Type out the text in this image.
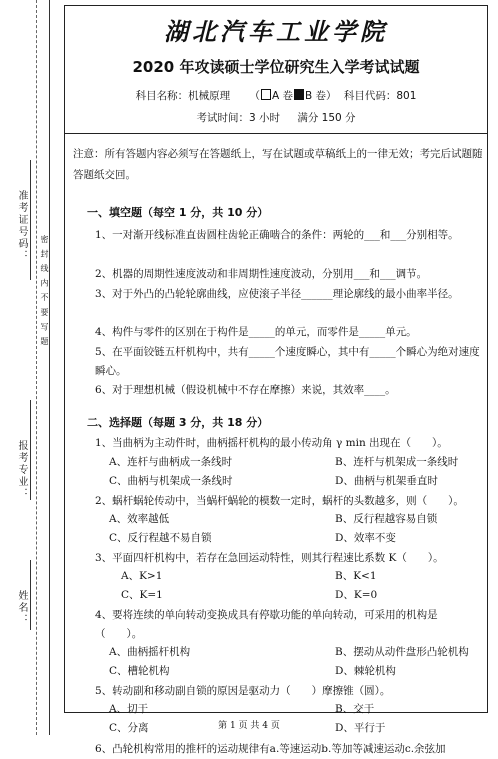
准考证号码：
密 封 线 内 不 要 写 题
报考专业：
姓名：
湖北汽车工业学院
2020 年攻读硕士学位研究生入学考试试题
科目名称：机械原理 （ A 卷 B 卷） 科目代码：801
考试时间：3 小时 满分 150 分
注意：所有答题内容必须写在答题纸上，写在试题或草稿纸上的一律无效；考完后试题随答题纸交回。
一、填空题（每空 1 分，共 10 分）
1、一对渐开线标准直齿圆柱齿轮正确啮合的条件：两轮的___和___分别相等。
2、机器的周期性速度波动和非周期性速度波动，分别用___和___调节。
3、对于外凸的凸轮轮廓曲线，应使滚子半径______理论廓线的最小曲率半径。
4、构件与零件的区别在于构件是_____的单元，而零件是_____单元。
5、在平面铰链五杆机构中，共有_____个速度瞬心，其中有_____个瞬心为绝对速度瞬心。
6、对于理想机械（假设机械中不存在摩擦）来说，其效率____。
二、选择题（每题 3 分，共 18 分）
1、当曲柄为主动件时，曲柄摇杆机构的最小传动角 γ min 出现在（　　）。
A、连杆与曲柄成一条线时	B、连杆与机架成一条线时
C、曲柄与机架成一条线时	D、曲柄与机架垂直时
2、蜗杆蜗轮传动中，当蜗杆蜗轮的模数一定时，蜗杆的头数越多，则（　　）。
A、效率越低	B、反行程越容易自锁
C、反行程越不易自锁	D、效率不变
3、平面四杆机构中，若存在急回运动特性，则其行程速比系数 K（　　）。
A、K>1	B、K<1
C、K=1	D、K=0
4、要将连续的单向转动变换成具有停歇功能的单向转动，可采用的机构是（　　）。
A、曲柄摇杆机构	B、摆动从动件盘形凸轮机构
C、槽轮机构	D、棘轮机构
5、转动副和移动副自锁的原因是驱动力（　　）摩擦锥（圆）。
A、切于	B、交于
C、分离	D、平行于
6、凸轮机构常用的推杆的运动规律有a.等速运动b.等加等减速运动c.余弦加
第 1 页 共 4 页
